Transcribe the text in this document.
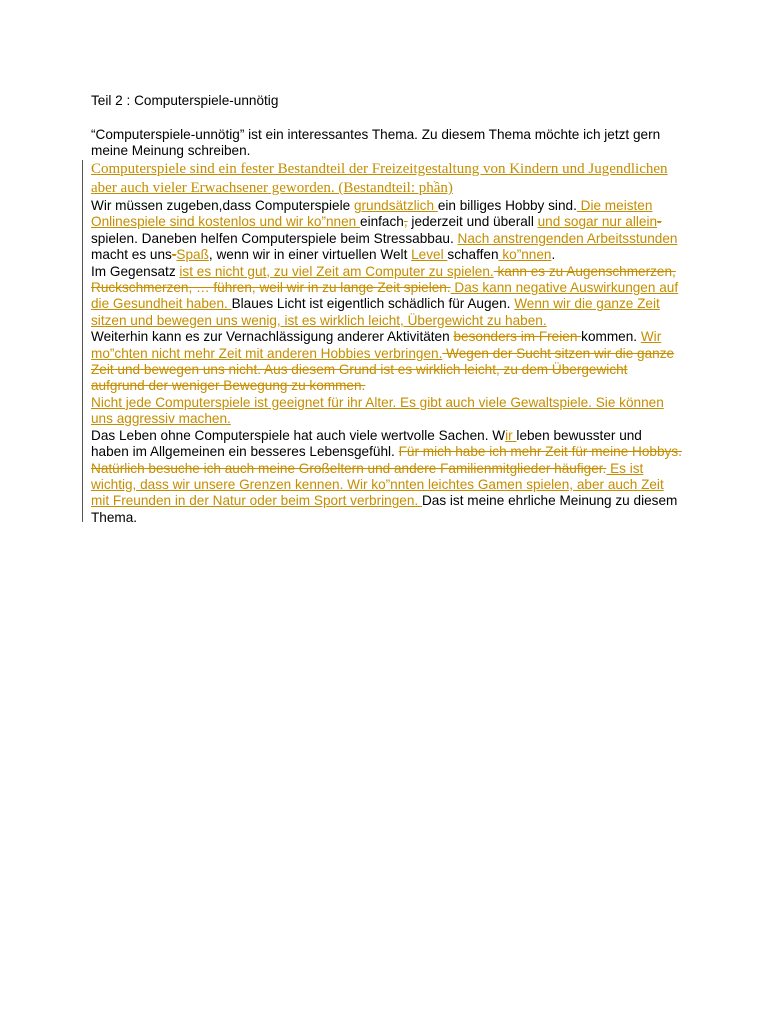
Teil 2 : Computerspiele-unnötig

“Computerspiele-unnötig” ist ein interessantes Thema. Zu diesem Thema möchte ich jetzt gern meine Meinung schreiben.

Computerspiele sind ein fester Bestandteil der Freizeitgestaltung von Kindern und Jugendlichen aber auch vieler Erwachsener geworden. (Bestandteil: phần)

Wir müssen zugeben,dass Computerspiele grundsätzlich ein billiges Hobby sind. Die meisten Onlinespiele sind kostenlos und wir ko”nnen einfach, jederzeit und überall und sogar nur allein-spielen. Daneben helfen Computerspiele beim Stressabbau. Nach anstrengenden Arbeitsstunden macht es uns-Spaß, wenn wir in einer virtuellen Welt Level schaffen ko”nnen.

Im Gegensatz ist es nicht gut, zu viel Zeit am Computer zu spielen. kann es zu Augenschmerzen, Ruckschmerzen, … führen, weil wir in zu lange Zeit spielen. Das kann negative Auswirkungen auf die Gesundheit haben. Blaues Licht ist eigentlich schädlich für Augen. Wenn wir die ganze Zeit sitzen und bewegen uns wenig, ist es wirklich leicht, Übergewicht zu haben.

Weiterhin kann es zur Vernachlässigung anderer Aktivitäten besonders im Freien kommen. Wir mo”chten nicht mehr Zeit mit anderen Hobbies verbringen. Wegen der Sucht sitzen wir die ganze Zeit und bewegen uns nicht. Aus diesem Grund ist es wirklich leicht, zu dem Übergewicht aufgrund der weniger Bewegung zu kommen.

Nicht jede Computerspiele ist geeignet für ihr Alter. Es gibt auch viele Gewaltspiele. Sie können uns aggressiv machen.

Das Leben ohne Computerspiele hat auch viele wertvolle Sachen. Wir leben bewusster und haben im Allgemeinen ein besseres Lebensgefühl. Für mich habe ich mehr Zeit für meine Hobbys. Natürlich besuche ich auch meine Großeltern und andere Familienmitglieder häufiger. Es ist wichtig, dass wir unsere Grenzen kennen. Wir ko”nnten leichtes Gamen spielen, aber auch Zeit mit Freunden in der Natur oder beim Sport verbringen. Das ist meine ehrliche Meinung zu diesem Thema.
